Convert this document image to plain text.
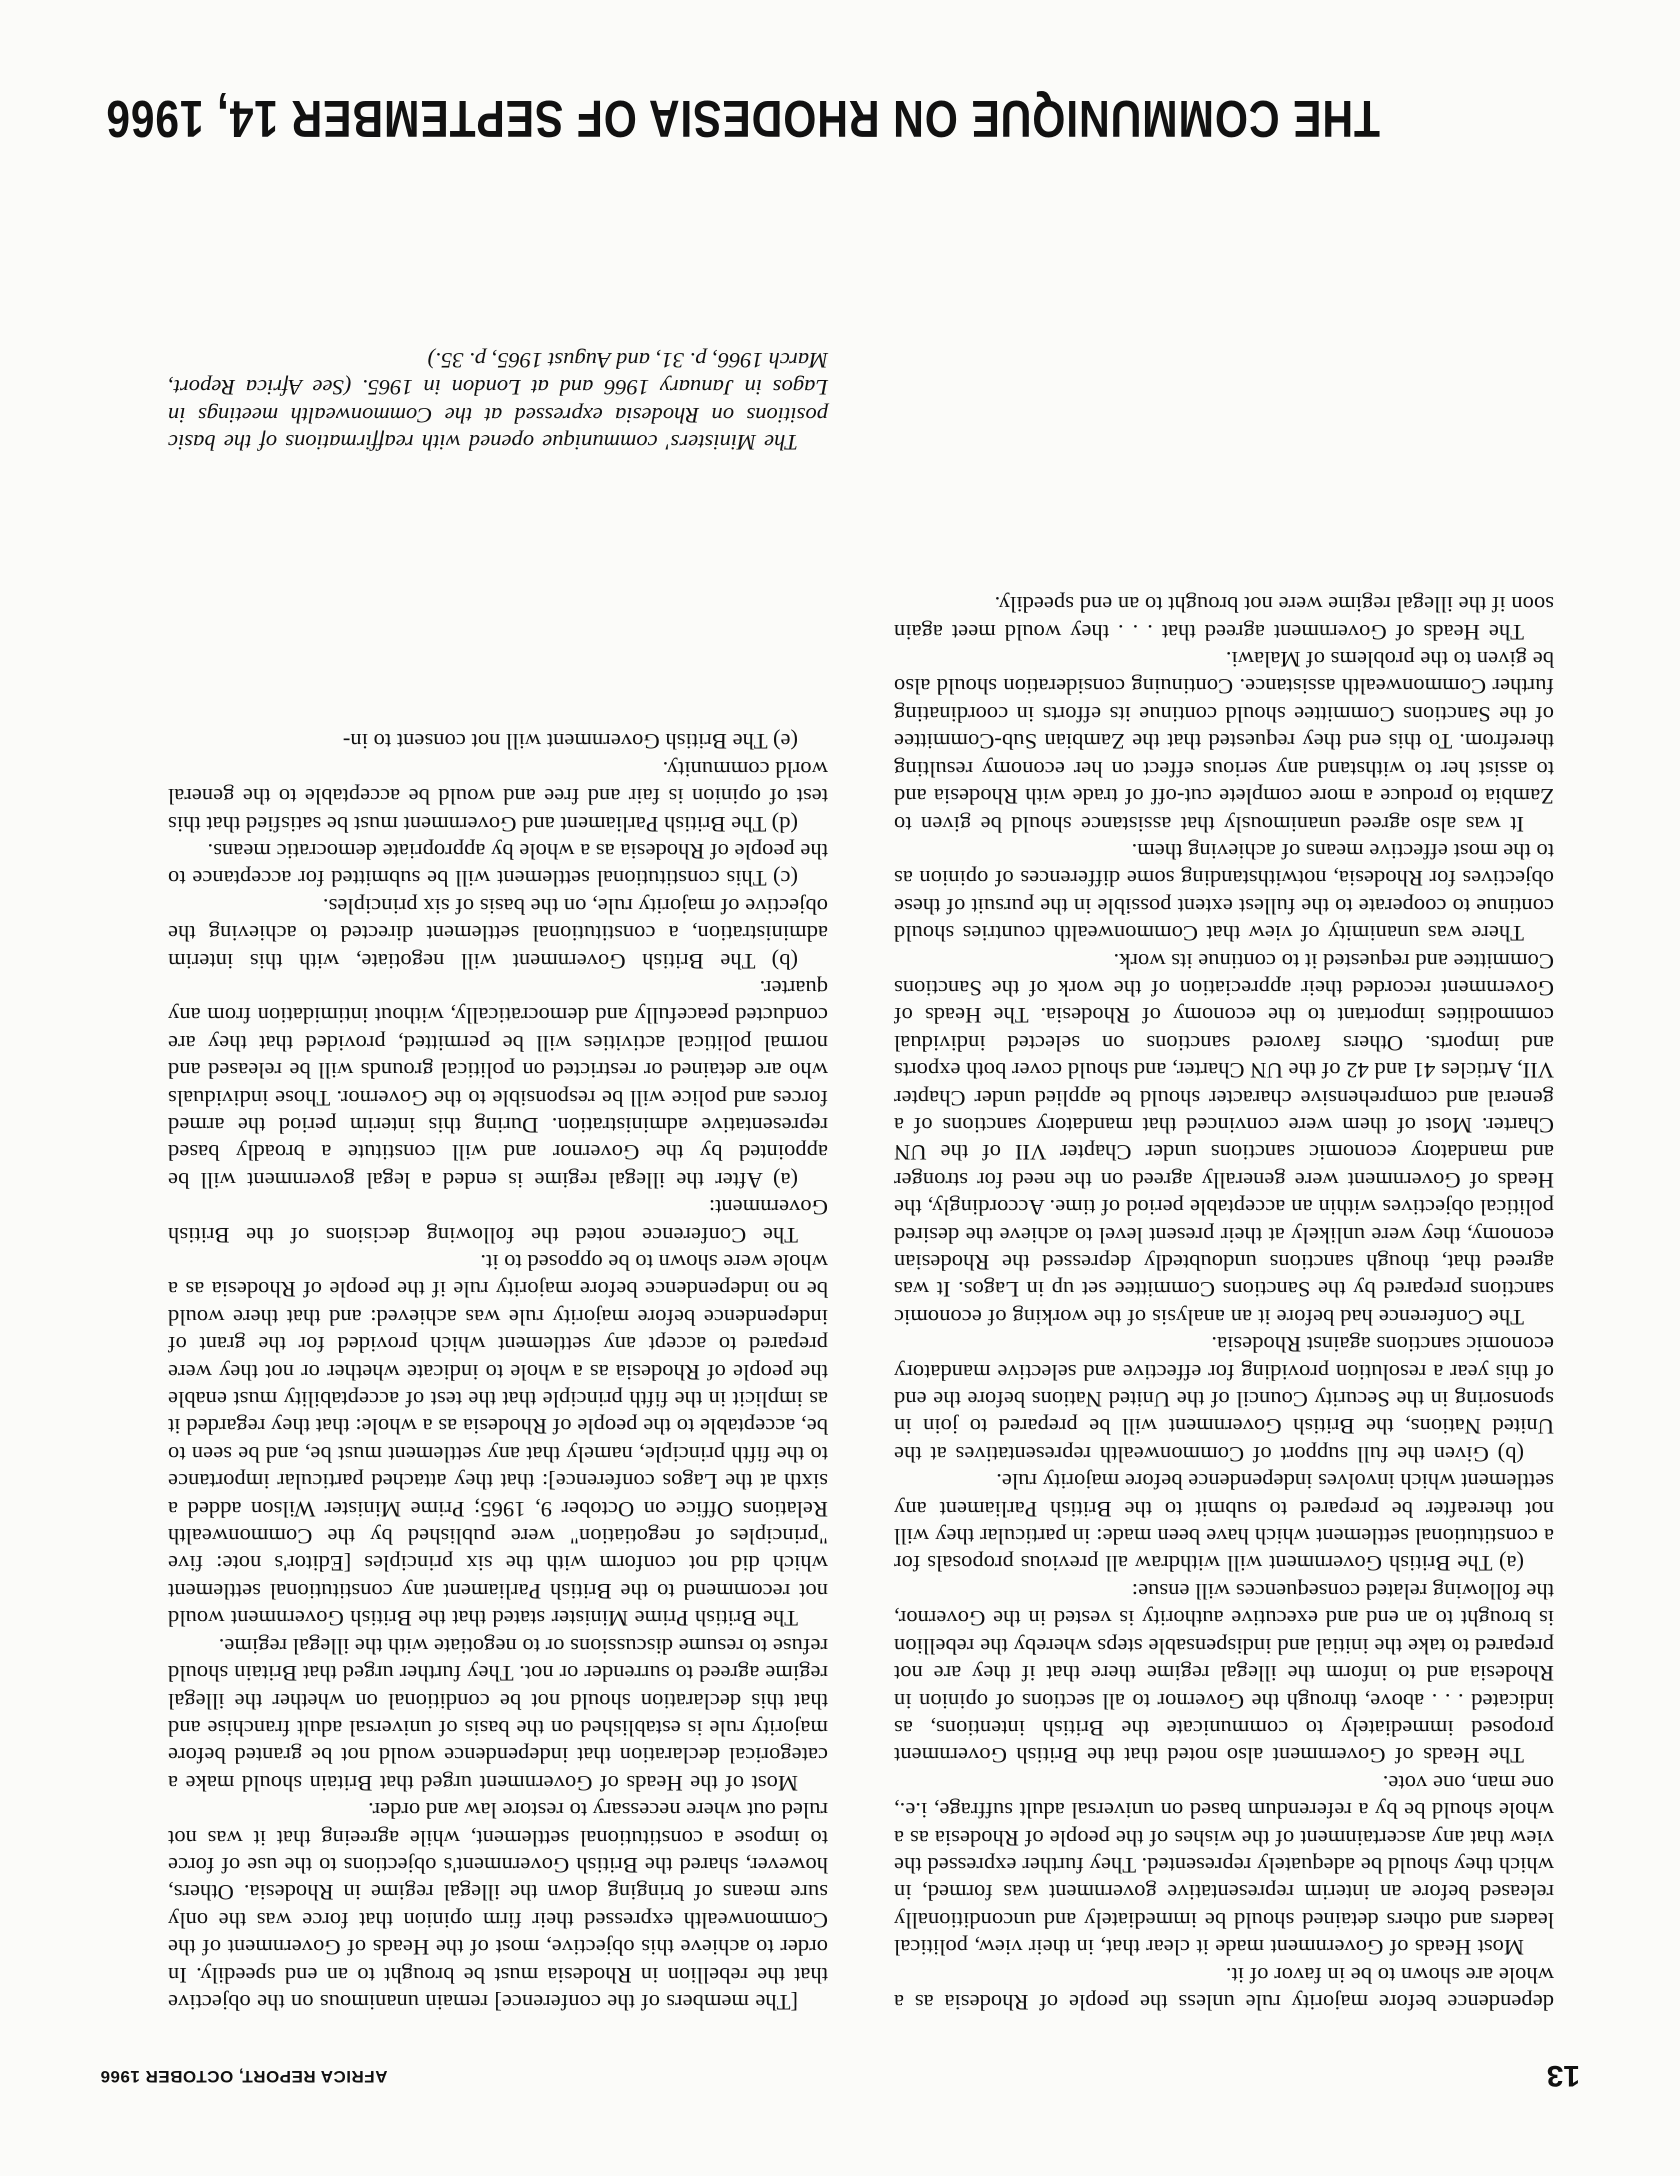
13
AFRICA REPORT, OCTOBER 1966

dependence before majority rule unless the people of Rhodesia as a whole are shown to be in favor of it.

Most Heads of Government made it clear that, in their view, political leaders and others detained should be immediately and unconditionally released before an interim representative government was formed, in which they should be adequately represented. They further expressed the view that any ascertainment of the wishes of the people of Rhodesia as a whole should be by a referendum based on universal adult suffrage, i.e., one man, one vote.

The Heads of Government also noted that the British Government proposed immediately to communicate the British intentions, as indicated . . . above, through the Governor to all sections of opinion in Rhodesia and to inform the illegal regime there that if they are not prepared to take the initial and indispensable steps whereby the rebellion is brought to an end and executive authority is vested in the Governor, the following related consequences will ensue:

(a) The British Government will withdraw all previous proposals for a constitutional settlement which have been made: in particular they will not thereafter be prepared to submit to the British Parliament any settlement which involves independence before majority rule.

(b) Given the full support of Commonwealth representatives at the United Nations, the British Government will be prepared to join in sponsoring in the Security Council of the United Nations before the end of this year a resolution providing for effective and selective mandatory economic sanctions against Rhodesia.

The Conference had before it an analysis of the working of economic sanctions prepared by the Sanctions Committee set up in Lagos. It was agreed that, though sanctions undoubtedly depressed the Rhodesian economy, they were unlikely at their present level to achieve the desired political objectives within an acceptable period of time. Accordingly, the Heads of Government were generally agreed on the need for stronger and mandatory economic sanctions under Chapter VII of the UN Charter. Most of them were convinced that mandatory sanctions of a general and comprehensive character should be applied under Chapter VII, Articles 41 and 42 of the UN Charter, and should cover both exports and imports. Others favored sanctions on selected individual commodities important to the economy of Rhodesia. The Heads of Government recorded their appreciation of the work of the Sanctions Committee and requested it to continue its work.

There was unanimity of view that Commonwealth countries should continue to cooperate to the fullest extent possible in the pursuit of these objectives for Rhodesia, notwithstanding some differences of opinion as to the most effective means of achieving them.

It was also agreed unanimously that assistance should be given to Zambia to produce a more complete cut-off of trade with Rhodesia and to assist her to withstand any serious effect on her economy resulting therefrom. To this end they requested that the Zambian Sub-Committee of the Sanctions Committee should continue its efforts in coordinating further Commonwealth assistance. Continuing consideration should also be given to the problems of Malawi.

The Heads of Government agreed that . . . they would meet again soon if the illegal regime were not brought to an end speedily.

[The members of the conference] remain unanimous on the objective that the rebellion in Rhodesia must be brought to an end speedily. In order to achieve this objective, most of the Heads of Government of the Commonwealth expressed their firm opinion that force was the only sure means of bringing down the illegal regime in Rhodesia. Others, however, shared the British Government's objections to the use of force to impose a constitutional settlement, while agreeing that it was not ruled out where necessary to restore law and order.

Most of the Heads of Government urged that Britain should make a categorical declaration that independence would not be granted before majority rule is established on the basis of universal adult franchise and that this declaration should not be conditional on whether the illegal regime agreed to surrender or not. They further urged that Britain should refuse to resume discussions or to negotiate with the illegal regime.

The British Prime Minister stated that the British Government would not recommend to the British Parliament any constitutional settlement which did not conform with the six principles [Editor's note: five "principles of negotiation" were published by the Commonwealth Relations Office on October 9, 1965; Prime Minister Wilson added a sixth at the Lagos conference]: that they attached particular importance to the fifth principle, namely that any settlement must be, and be seen to be, acceptable to the people of Rhodesia as a whole: that they regarded it as implicit in the fifth principle that the test of acceptability must enable the people of Rhodesia as a whole to indicate whether or not they were prepared to accept any settlement which provided for the grant of independence before majority rule was achieved: and that there would be no independence before majority rule if the people of Rhodesia as a whole were shown to be opposed to it.

The Conference noted the following decisions of the British Government:

(a) After the illegal regime is ended a legal government will be appointed by the Governor and will constitute a broadly based representative administration. During this interim period the armed forces and police will be responsible to the Governor. Those individuals who are detained or restricted on political grounds will be released and normal political activities will be permitted, provided that they are conducted peacefully and democratically, without intimidation from any quarter.

(b) The British Government will negotiate, with this interim administration, a constitutional settlement directed to achieving the objective of majority rule, on the basis of six principles.

(c) This constitutional settlement will be submitted for acceptance to the people of Rhodesia as a whole by appropriate democratic means.

(d) The British Parliament and Government must be satisfied that this test of opinion is fair and free and would be acceptable to the general world community.

(e) The British Government will not consent to in-

The Ministers' communique opened with reaffirmations of the basic positions on Rhodesia expressed at the Commonwealth meetings in Lagos in January 1966 and at London in 1965. (See Africa Report, March 1966, p. 31, and August 1965, p. 35.)

THE COMMUNIQUE ON RHODESIA OF SEPTEMBER 14, 1966
